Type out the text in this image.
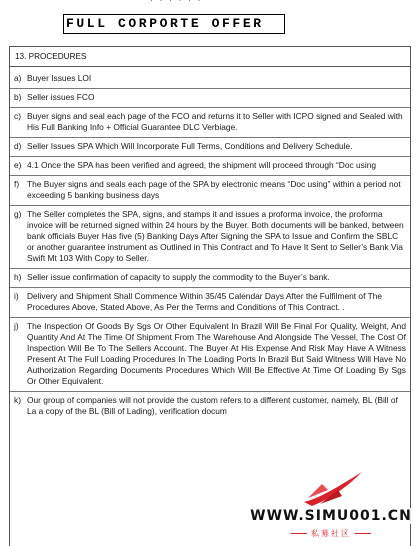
· · · · · ·
FULL CORPORTE OFFER
13. PROCEDURES
a) Buyer Issues LOI
b) Seller issues FCO
c) Buyer signs and seal each page of the FCO and returns it to Seller with ICPO signed and Sealed with His Full Banking Info + Official Guarantee DLC Verbiage.
d) Seller Issues SPA Which Will Incorporate Full Terms, Conditions and Delivery Schedule.
e) 4.1 Once the SPA has been verified and agreed, the shipment will proceed through “Doc using
f) The Buyer signs and seals each page of the SPA by electronic means “Doc using” within a period not exceeding 5 banking business days
g) The Seller completes the SPA, signs, and stamps it and issues a proforma invoice, the proforma invoice will be returned signed within 24 hours by the Buyer. Both documents will be banked, between bank officials Buyer Has five (5) Banking Days After Signing the SPA to Issue and Confirm the SBLC or another guarantee instrument as Outlined in This Contract and To Have It Sent to Seller’s Bank Via Swift Mt 103 With Copy to Seller.
h) Seller issue confirmation of capacity to supply the commodity to the Buyer’s bank.
i) Delivery and Shipment Shall Commence Within 35/45 Calendar Days After the Fulfilment of The Procedures Above, Stated Above, As Per the Terms and Conditions of This Contract. .
j) The Inspection Of Goods By Sgs Or Other Equivalent In Brazil Will Be Final For Quality, Weight, And Quantity And At The Time Of Shipment From The Warehouse And Alongside The Vessel, The Cost Of Inspection Will Be To The Sellers Account. The Buyer At His Expense And Risk May Have A Witness Present At The Full Loading Procedures In The Loading Ports In Brazil But Said Witness Will Have No Authorization Regarding Documents Procedures Which Will Be Effective At Time Of Loading By Sgs Or Other Equivalent.
k) Our group of companies will not provide the custom refers to a different customer, namely, BL (Bill of La a copy of the BL (Bill of Lading), verification docum
WWW.SIMU001.CN
私募社区
